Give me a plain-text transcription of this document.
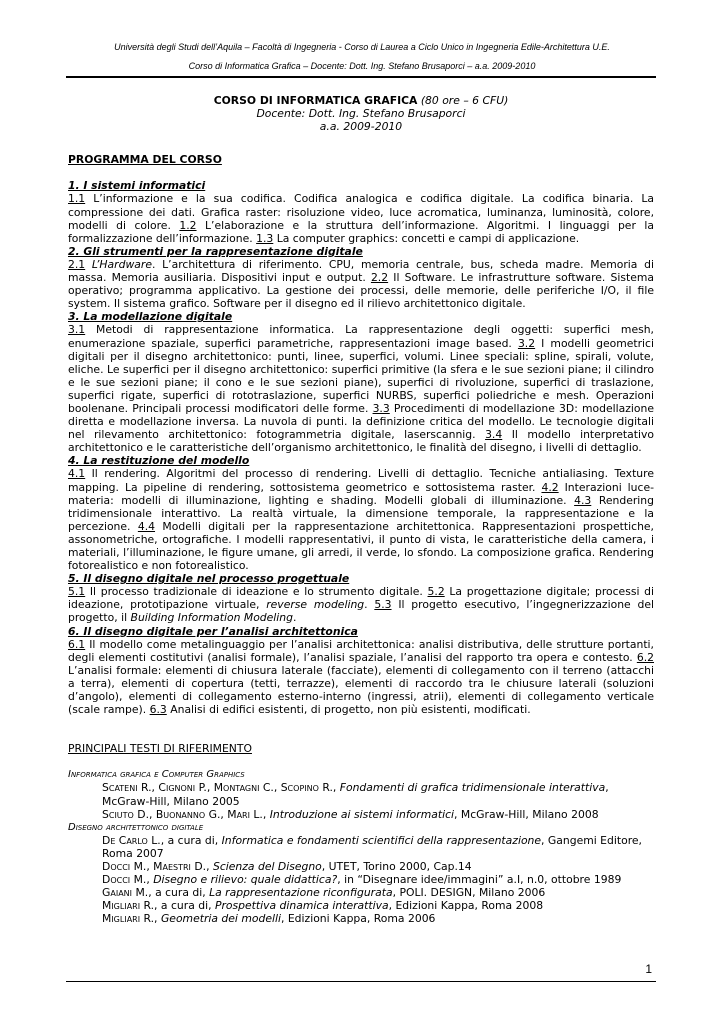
Università degli Studi dell’Aquila – Facoltà di Ingegneria - Corso di Laurea a Ciclo Unico in Ingegneria Edile-Architettura U.E.
Corso di Informatica Grafica – Docente: Dott. Ing. Stefano Brusaporci – a.a. 2009-2010
CORSO DI INFORMATICA GRAFICA (80 ore – 6 CFU)
Docente: Dott. Ing. Stefano Brusaporci
a.a. 2009-2010
PROGRAMMA DEL CORSO
1. I sistemi informatici
1.1 L’informazione e la sua codifica. Codifica analogica e codifica digitale. La codifica binaria. La compressione dei dati. Grafica raster: risoluzione video, luce acromatica, luminanza, luminosità, colore, modelli di colore. 1.2 L’elaborazione e la struttura dell’informazione. Algoritmi. I linguaggi per la formalizzazione dell’informazione. 1.3 La computer graphics: concetti e campi di applicazione.
2. Gli strumenti per la rappresentazione digitale
2.1 L’Hardware. L’architettura di riferimento. CPU, memoria centrale, bus, scheda madre. Memoria di massa. Memoria ausiliaria. Dispositivi input e output. 2.2 Il Software. Le infrastrutture software. Sistema operativo; programma applicativo. La gestione dei processi, delle memorie, delle periferiche I/O, il file system. Il sistema grafico. Software per il disegno ed il rilievo architettonico digitale.
3. La modellazione digitale
3.1 Metodi di rappresentazione informatica. La rappresentazione degli oggetti: superfici mesh, enumerazione spaziale, superfici parametriche, rappresentazioni image based. 3.2 I modelli geometrici digitali per il disegno architettonico: punti, linee, superfici, volumi. Linee speciali: spline, spirali, volute, eliche. Le superfici per il disegno architettonico: superfici primitive (la sfera e le sue sezioni piane; il cilindro e le sue sezioni piane; il cono e le sue sezioni piane), superfici di rivoluzione, superfici di traslazione, superfici rigate, superfici di rototraslazione, superfici NURBS, superfici poliedriche e mesh. Operazioni boolenane. Principali processi modificatori delle forme. 3.3 Procedimenti di modellazione 3D: modellazione diretta e modellazione inversa. La nuvola di punti. la definizione critica del modello. Le tecnologie digitali nel rilevamento architettonico: fotogrammetria digitale, laserscannig. 3.4 Il modello interpretativo architettonico e le caratteristiche dell’organismo architettonico, le finalità del disegno, i livelli di dettaglio.
4. La restituzione del modello
4.1 Il rendering. Algoritmi del processo di rendering. Livelli di dettaglio. Tecniche antialiasing. Texture mapping. La pipeline di rendering, sottosistema geometrico e sottosistema raster. 4.2 Interazioni luce-materia: modelli di illuminazione, lighting e shading. Modelli globali di illuminazione. 4.3 Rendering tridimensionale interattivo. La realtà virtuale, la dimensione temporale, la rappresentazione e la percezione. 4.4 Modelli digitali per la rappresentazione architettonica. Rappresentazioni prospettiche, assonometriche, ortografiche. I modelli rappresentativi, il punto di vista, le caratteristiche della camera, i materiali, l’illuminazione, le figure umane, gli arredi, il verde, lo sfondo. La composizione grafica. Rendering fotorealistico e non fotorealistico.
5. Il disegno digitale nel processo progettuale
5.1 Il processo tradizionale di ideazione e lo strumento digitale. 5.2 La progettazione digitale; processi di ideazione, prototipazione virtuale, reverse modeling. 5.3 Il progetto esecutivo, l’ingegnerizzazione del progetto, il Building Information Modeling.
6. Il disegno digitale per l’analisi architettonica
6.1 Il modello come metalinguaggio per l’analisi architettonica: analisi distributiva, delle strutture portanti, degli elementi costitutivi (analisi formale), l’analisi spaziale, l’analisi del rapporto tra opera e contesto. 6.2 L’analisi formale: elementi di chiusura laterale (facciate), elementi di collegamento con il terreno (attacchi a terra), elementi di copertura (tetti, terrazze), elementi di raccordo tra le chiusure laterali (soluzioni d’angolo), elementi di collegamento esterno-interno (ingressi, atrii), elementi di collegamento verticale (scale rampe). 6.3 Analisi di edifici esistenti, di progetto, non più esistenti, modificati.
PRINCIPALI TESTI DI RIFERIMENTO
Informatica grafica e Computer Graphics
Scateni R., Cignoni P., Montagni C., Scopino R., Fondamenti di grafica tridimensionale interattiva, McGraw-Hill, Milano 2005
Sciuto D., Buonanno G., Mari L., Introduzione ai sistemi informatici, McGraw-Hill, Milano 2008
Disegno architettonico digitale
De Carlo L., a cura di, Informatica e fondamenti scientifici della rappresentazione, Gangemi Editore, Roma 2007
Docci M., Maestri D., Scienza del Disegno, UTET, Torino 2000, Cap.14
Docci M., Disegno e rilievo: quale didattica?, in “Disegnare idee/immagini” a.I, n.0, ottobre 1989
Gaiani M., a cura di, La rappresentazione riconfigurata, POLI. DESIGN, Milano 2006
Migliari R., a cura di, Prospettiva dinamica interattiva, Edizioni Kappa, Roma 2008
Migliari R., Geometria dei modelli, Edizioni Kappa, Roma 2006
1
